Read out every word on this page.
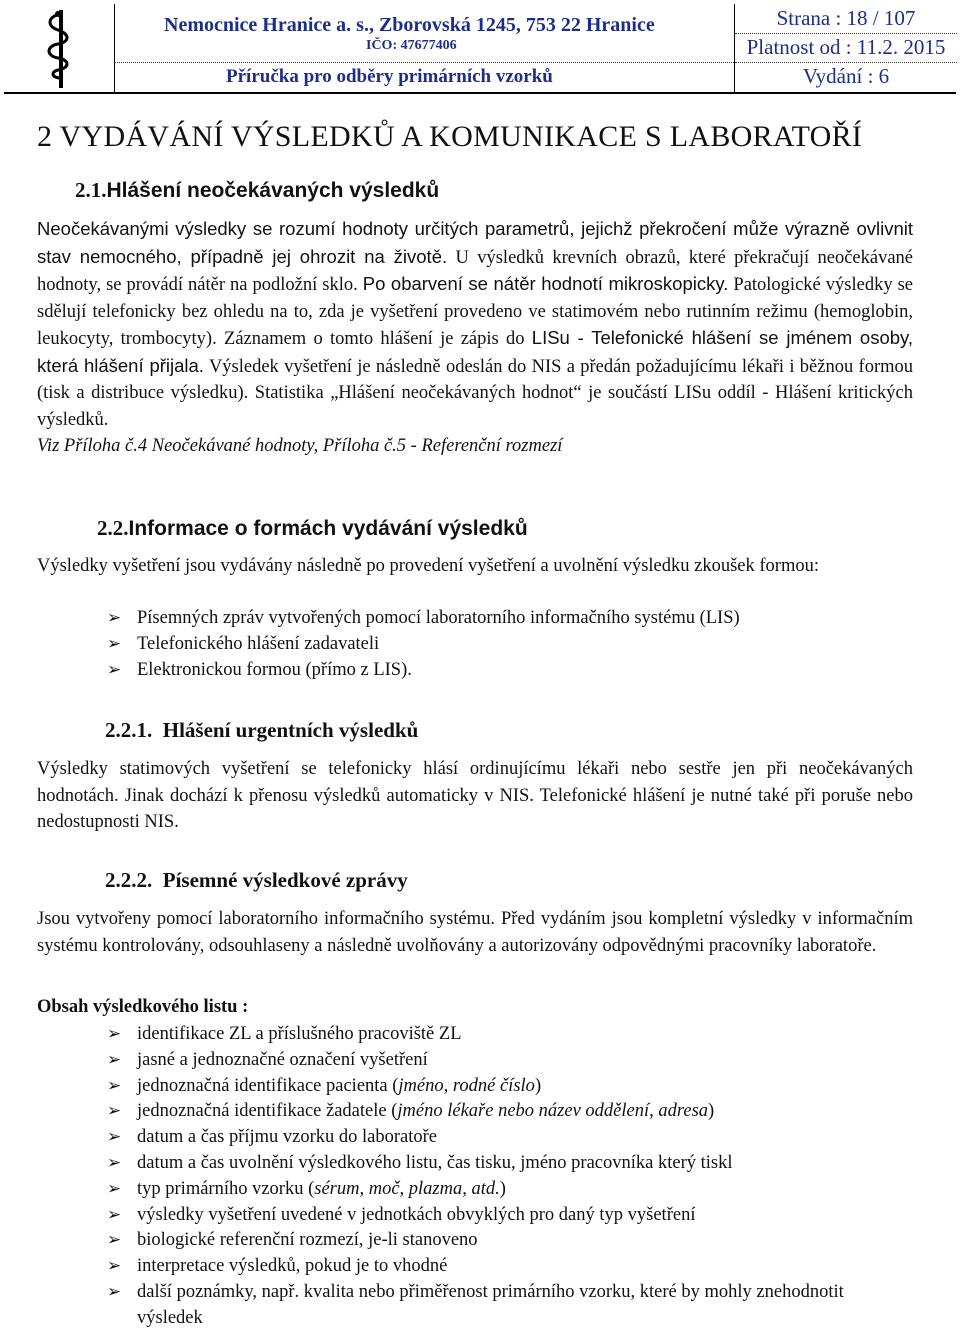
Nemocnice Hranice a. s., Zborovská 1245, 753 22 Hranice
IČO: 47677406
Příručka pro odběry primárních vzorků
Strana : 18 / 107
Platnost od : 11.2. 2015
Vydání : 6
2 VYDÁVÁNÍ VÝSLEDKŮ A KOMUNIKACE S LABORATOŘÍ
2.1.Hlášení neočekávaných výsledků

Neočekávanými výsledky se rozumí hodnoty určitých parametrů, jejichž překročení může výrazně ovlivnit stav nemocného, případně jej ohrozit na životě. U výsledků krevních obrazů, které překračují neočekávané hodnoty, se provádí nátěr na podložní sklo. Po obarvení se nátěr hodnotí mikroskopicky. Patologické výsledky se sdělují telefonicky bez ohledu na to, zda je vyšetření provedeno ve statimovém nebo rutinním režimu (hemoglobin, leukocyty, trombocyty). Záznamem o tomto hlášení je zápis do LISu - Telefonické hlášení se jménem osoby, která hlášení přijala. Výsledek vyšetření je následně odeslán do NIS a předán požadujícímu lékaři i běžnou formou (tisk a distribuce výsledku). Statistika „Hlášení neočekávaných hodnot“ je součástí LISu oddíl - Hlášení kritických výsledků.
Viz Příloha č.4 Neočekávané hodnoty, Příloha č.5 - Referenční rozmezí

2.2.Informace o formách vydávání výsledků

Výsledky vyšetření jsou vydávány následně po provedení vyšetření a uvolnění výsledku zkoušek formou:

➢ Písemných zpráv vytvořených pomocí laboratorního informačního systému (LIS)
➢ Telefonického hlášení zadavateli
➢ Elektronickou formou (přímo z LIS).
2.2.1. Hlášení urgentních výsledků

Výsledky statimových vyšetření se telefonicky hlásí ordinujícímu lékaři nebo sestře jen při neočekávaných hodnotách. Jinak dochází k přenosu výsledků automaticky v NIS. Telefonické hlášení je nutné také při poruše nebo nedostupnosti NIS.

2.2.2. Písemné výsledkové zprávy

Jsou vytvořeny pomocí laboratorního informačního systému. Před vydáním jsou kompletní výsledky v informačním systému kontrolovány, odsouhlaseny a následně uvolňovány a autorizovány odpovědnými pracovníky laboratoře.

Obsah výsledkového listu :

➢ identifikace ZL a příslušného pracoviště ZL
➢ jasné a jednoznačné označení vyšetření
➢ jednoznačná identifikace pacienta (jméno, rodné číslo)
➢ jednoznačná identifikace žadatele (jméno lékaře nebo název oddělení, adresa)
➢ datum a čas příjmu vzorku do laboratoře
➢ datum a čas uvolnění výsledkového listu, čas tisku, jméno pracovníka který tiskl
➢ typ primárního vzorku (sérum, moč, plazma, atd.)
➢ výsledky vyšetření uvedené v jednotkách obvyklých pro daný typ vyšetření
➢ biologické referenční rozmezí, je-li stanoveno
➢ interpretace výsledků, pokud je to vhodné
➢ další poznámky, např. kvalita nebo přiměřenost primárního vzorku, které by mohly znehodnotit výsledek
